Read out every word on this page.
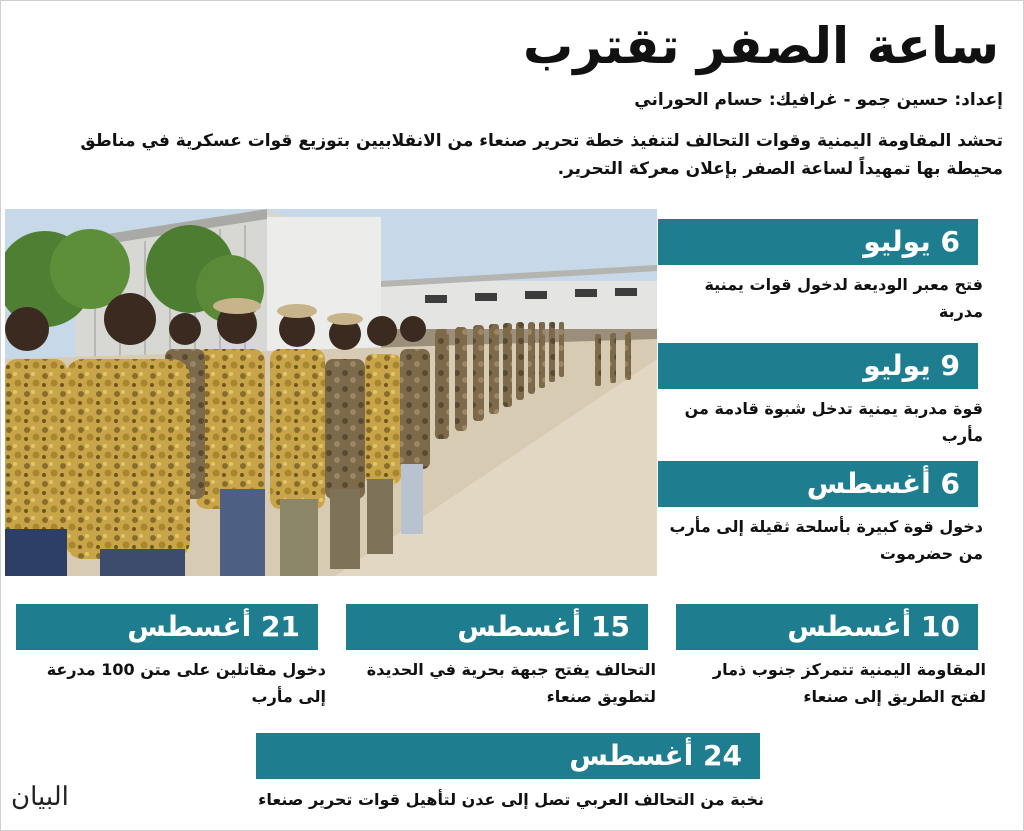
ساعة الصفر تقترب
إعداد: حسين جمو - غرافيك: حسام الحوراني
تحشد المقاومة اليمنية وقوات التحالف لتنفيذ خطة تحرير صنعاء من الانقلابيين بتوزيع قوات عسكرية في مناطق محيطة بها تمهيداً لساعة الصفر بإعلان معركة التحرير.
6 يوليو
فتح معبر الوديعة لدخول قوات يمنية مدربة
9 يوليو
قوة مدربة يمنية تدخل شبوة قادمة من مأرب
6 أغسطس
دخول قوة كبيرة بأسلحة ثقيلة إلى مأرب من حضرموت
10 أغسطس
المقاومة اليمنية تتمركز جنوب ذمار لفتح الطريق إلى صنعاء
15 أغسطس
التحالف يفتح جبهة بحرية في الحديدة لتطويق صنعاء
21 أغسطس
دخول مقاتلين على متن 100 مدرعة إلى مأرب
24 أغسطس
نخبة من التحالف العربي تصل إلى عدن لتأهيل قوات تحرير صنعاء
البيان
